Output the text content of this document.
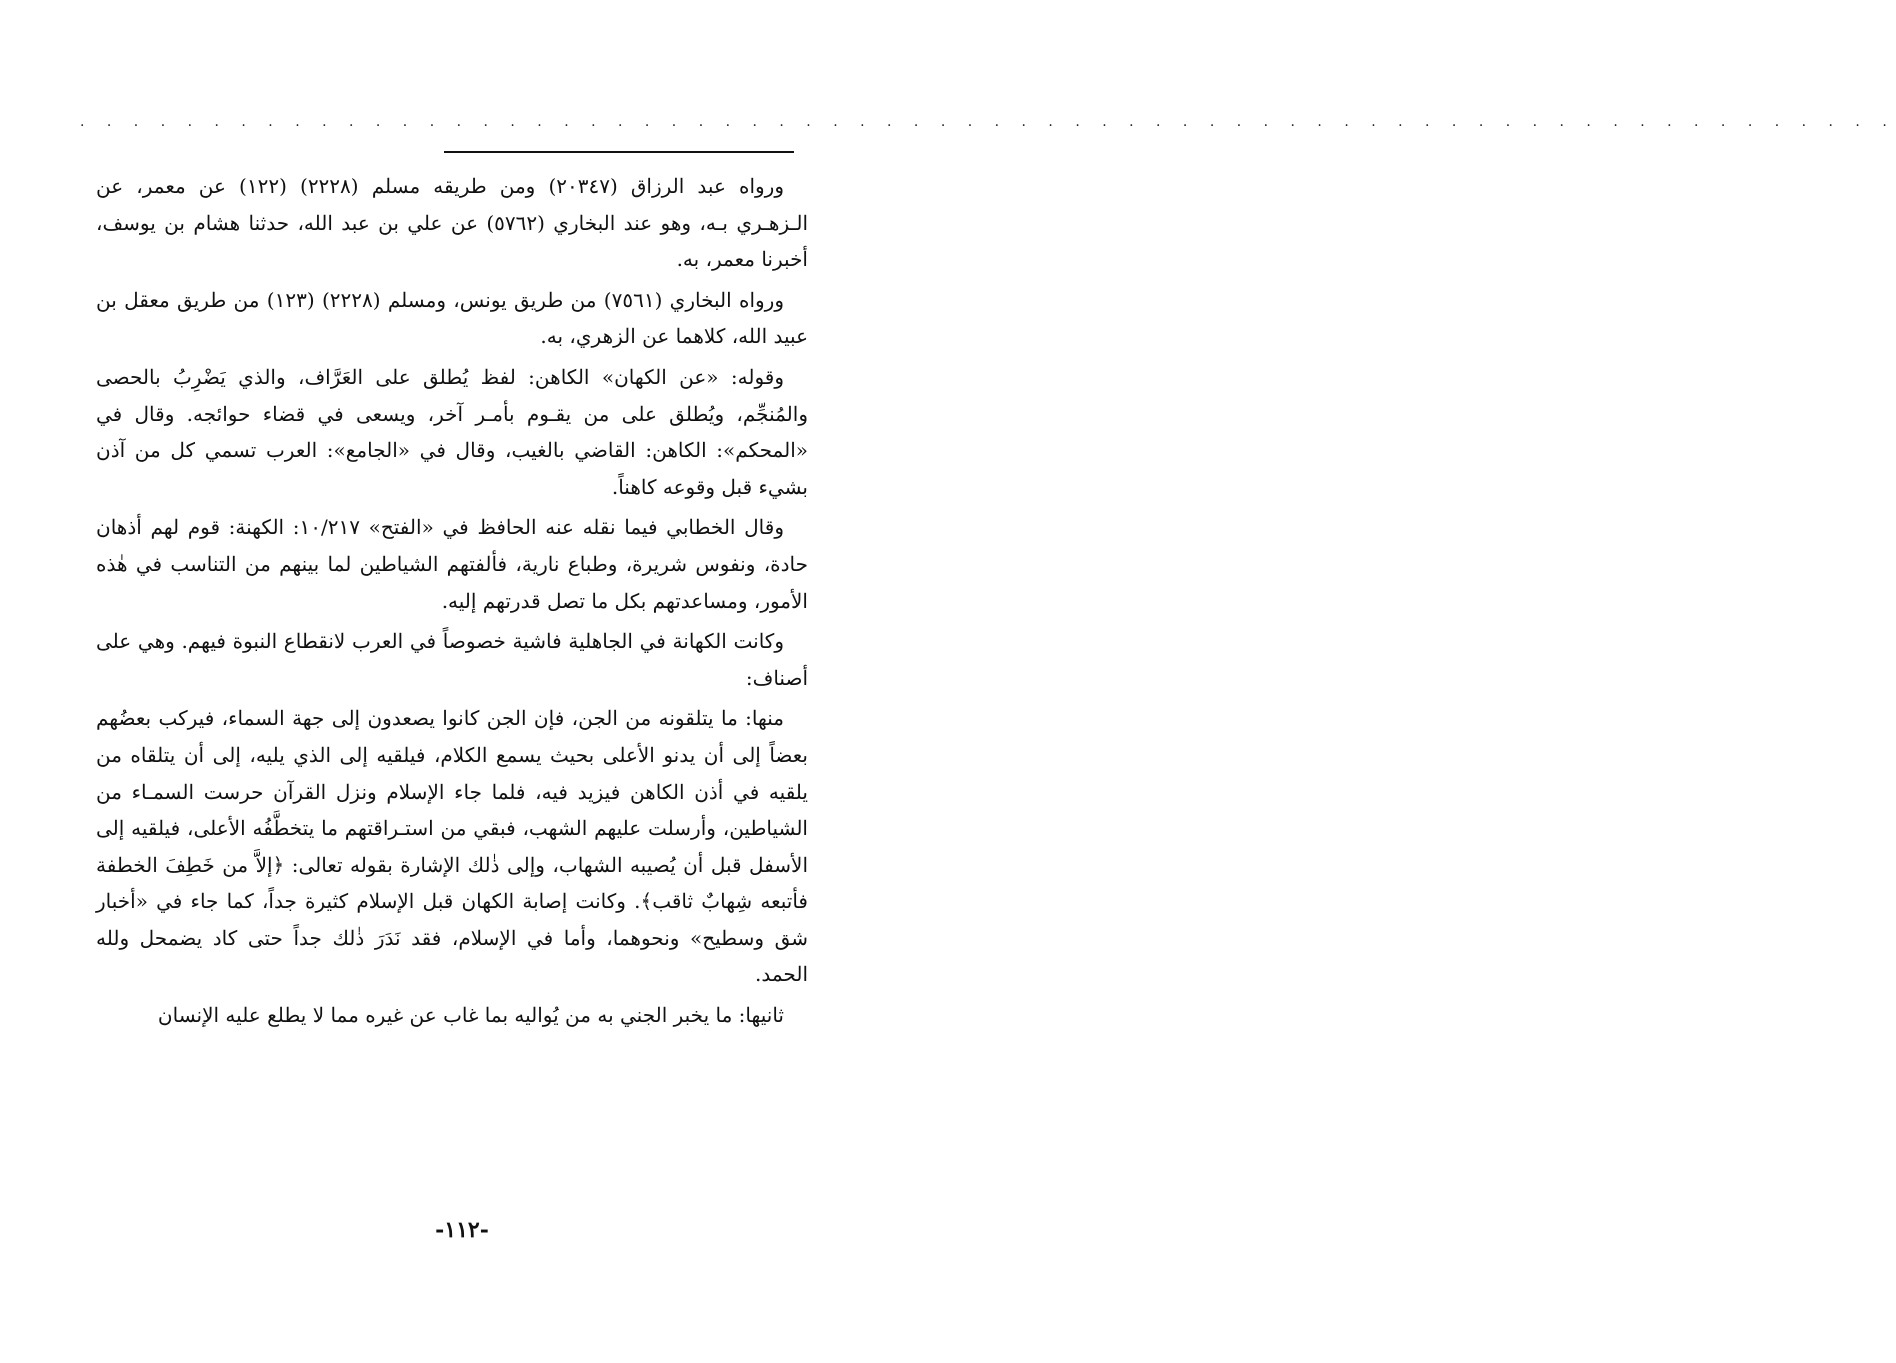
· · · · · · · · · · · · · · · · · · · · · · · · · · · · · · · · · · · · · · · · · · · · · · · · · · · · · · · · · · · · · · · · · · · ·

ورواه عبد الرزاق (٢٠٣٤٧) ومن طريقه مسلم (٢٢٢٨) (١٢٢) عن معمر، عن الـزهـري بـه، وهو عند البخاري (٥٧٦٢) عن علي بن عبد الله، حدثنا هشام بن يوسف، أخبرنا معمر، به.

ورواه البخاري (٧٥٦١) من طريق يونس، ومسلم (٢٢٢٨) (١٢٣) من طريق معقل بن عبيد الله، كلاهما عن الزهري، به.

وقوله: «عن الكهان» الكاهن: لفظ يُطلق على العَرَّاف، والذي يَضْرِبُ بالحصى والمُنجِّم، ويُطلق على من يقـوم بأمـر آخر، ويسعى في قضاء حوائجه. وقال في «المحكم»: الكاهن: القاضي بالغيب، وقال في «الجامع»: العرب تسمي كل من آذن بشيء قبل وقوعه كاهناً.

وقال الخطابي فيما نقله عنه الحافظ في «الفتح» ١٠/٢١٧: الكهنة: قوم لهم أذهان حادة، ونفوس شريرة، وطباع نارية، فألفتهم الشياطين لما بينهم من التناسب في هٰذه الأمور، ومساعدتهم بكل ما تصل قدرتهم إليه.

وكانت الكهانة في الجاهلية فاشية خصوصاً في العرب لانقطاع النبوة فيهم. وهي على أصناف:

منها: ما يتلقونه من الجن، فإن الجن كانوا يصعدون إلى جهة السماء، فيركب بعضُهم بعضاً إلى أن يدنو الأعلى بحيث يسمع الكلام، فيلقيه إلى الذي يليه، إلى أن يتلقاه من يلقيه في أذن الكاهن فيزيد فيه، فلما جاء الإسلام ونزل القرآن حرست السمـاء من الشياطين، وأرسلت عليهم الشهب، فبقي من استـراقتهم ما يتخطَّفُه الأعلى، فيلقيه إلى الأسفل قبل أن يُصيبه الشهاب، وإلى ذٰلك الإشارة بقوله تعالى: ﴿إلاَّ من خَطِفَ الخطفة فأتبعه شِهابٌ ثاقب﴾. وكانت إصابة الكهان قبل الإسلام كثيرة جداً، كما جاء في «أخبار شق وسطيح» ونحوهما، وأما في الإسلام، فقد نَدَرَ ذٰلك جداً حتى كاد يضمحل ولله الحمد.

ثانيها: ما يخبر الجني به من يُواليه بما غاب عن غيره مما لا يطلع عليه الإنسان

-١١٢-
